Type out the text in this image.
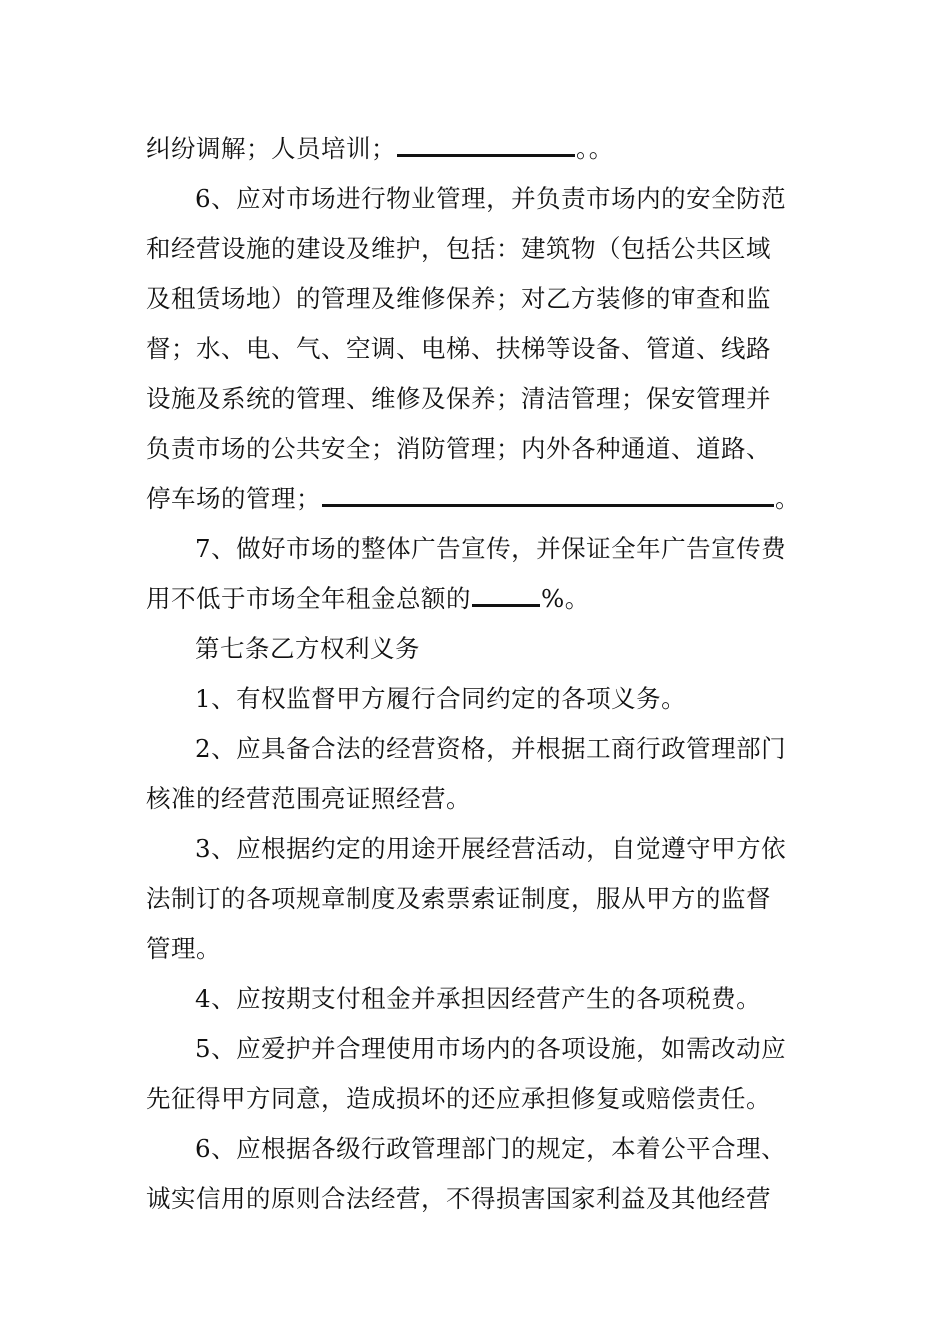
纠纷调解；人员培训；	。。
6、应对市场进行物业管理，并负责市场内的安全防范
和经营设施的建设及维护，包括：建筑物（包括公共区域
及租赁场地）的管理及维修保养；对乙方装修的审查和监
督；水、电、气、空调、电梯、扶梯等设备、管道、线路
设施及系统的管理、维修及保养；清洁管理；保安管理并
负责市场的公共安全；消防管理；内外各种通道、道路、
停车场的管理；	。
7、做好市场的整体广告宣传，并保证全年广告宣传费
用不低于市场全年租金总额的	%。
第七条乙方权利义务
1、有权监督甲方履行合同约定的各项义务。
2、应具备合法的经营资格，并根据工商行政管理部门
核准的经营范围亮证照经营。
3、应根据约定的用途开展经营活动，自觉遵守甲方依
法制订的各项规章制度及索票索证制度，服从甲方的监督
管理。
4、应按期支付租金并承担因经营产生的各项税费。
5、应爱护并合理使用市场内的各项设施，如需改动应
先征得甲方同意，造成损坏的还应承担修复或赔偿责任。
6、应根据各级行政管理部门的规定，本着公平合理、
诚实信用的原则合法经营，不得损害国家利益及其他经营
